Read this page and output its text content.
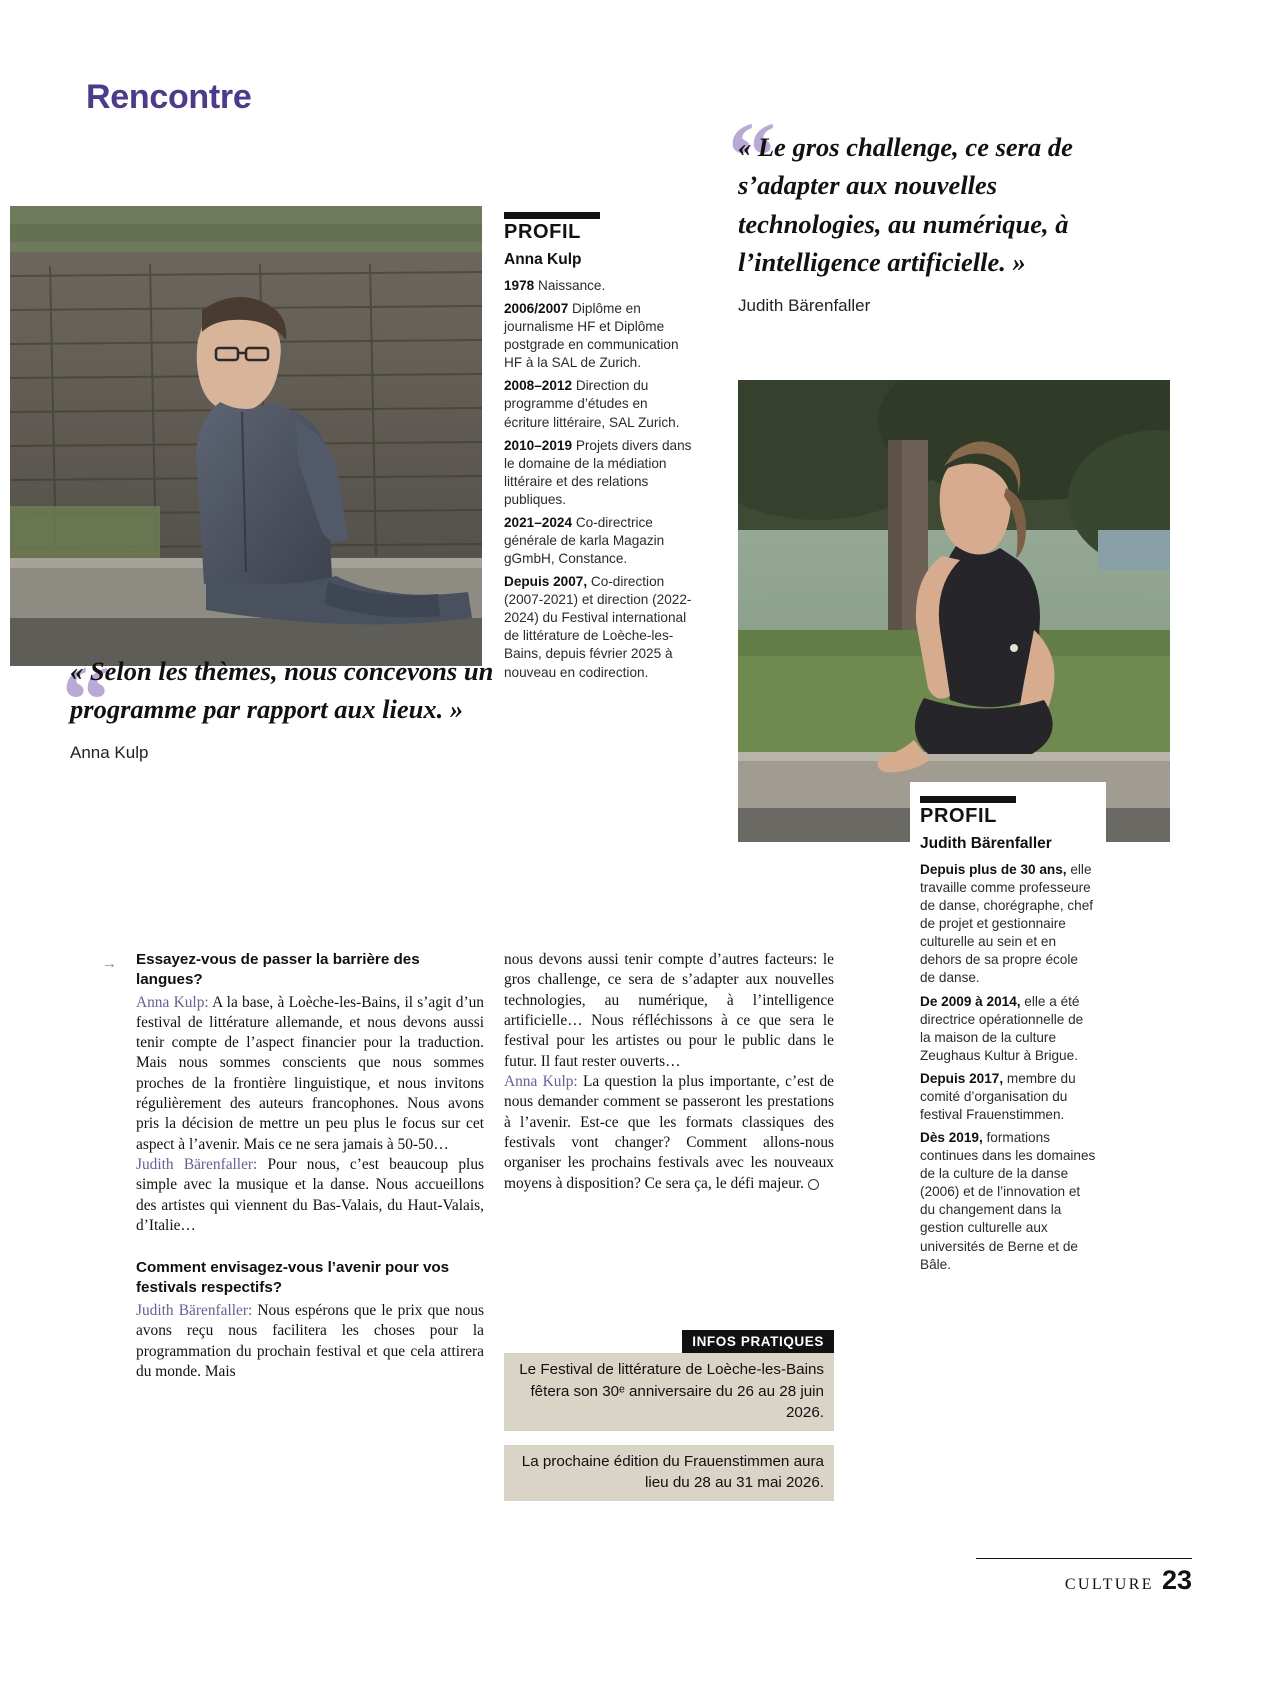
Rencontre
“
« Le gros challenge, ce sera de s’adapter aux nouvelles technologies, au numérique, à l’intelligence artificielle. »
Judith Bärenfaller
PROFIL
Anna Kulp
1978 Naissance.
2006/2007 Diplôme en journalisme HF et Diplôme postgrade en communication HF à la SAL de Zurich.
2008–2012 Direction du programme d’études en écriture littéraire, SAL Zurich.
2010–2019 Projets divers dans le domaine de la médiation littéraire et des relations publiques.
2021–2024 Co-directrice générale de karla Magazin gGmbH, Constance.
Depuis 2007, Co-direction (2007-2021) et direction (2022-2024) du Festival international de littérature de Loèche-les-Bains, depuis février 2025 à nouveau en codirection.
“
« Selon les thèmes, nous concevons un programme par rapport aux lieux. »
Anna Kulp
PROFIL
Judith Bärenfaller
Depuis plus de 30 ans, elle travaille comme professeure de danse, chorégraphe, chef de projet et gestionnaire culturelle au sein et en dehors de sa propre école de danse.
De 2009 à 2014, elle a été directrice opérationnelle de la maison de la culture Zeughaus Kultur à Brigue.
Depuis 2017, membre du comité d’organisation du festival Frauenstimmen.
Dès 2019, formations continues dans les domaines de la culture de la danse (2006) et de l’innovation et du changement dans la gestion culturelle aux universités de Berne et de Bâle.
→ Essayez-vous de passer la barrière des langues?

Anna Kulp: A la base, à Loèche-les-Bains, il s’agit d’un festival de littérature allemande, et nous devons aussi tenir compte de l’aspect financier pour la traduction. Mais nous sommes conscients que nous sommes proches de la frontière linguistique, et nous invitons régulièrement des auteurs francophones. Nous avons pris la décision de mettre un peu plus le focus sur cet aspect à l’avenir. Mais ce ne sera jamais à 50-50…

Judith Bärenfaller: Pour nous, c’est beaucoup plus simple avec la musique et la danse. Nous accueillons des artistes qui viennent du Bas-Valais, du Haut-Valais, d’Italie…

Comment envisagez-vous l’avenir pour vos festivals respectifs?

Judith Bärenfaller: Nous espérons que le prix que nous avons reçu nous facilitera les choses pour la programmation du prochain festival et que cela attirera du monde. Mais

nous devons aussi tenir compte d’autres facteurs: le gros challenge, ce sera de s’adapter aux nouvelles technologies, au numérique, à l’intelligence artificielle… Nous réfléchissons à ce que sera le festival pour les artistes ou pour le public dans le futur. Il faut rester ouverts…

Anna Kulp: La question la plus importante, c’est de nous demander comment se passeront les prestations à l’avenir. Est-ce que les formats classiques des festivals vont changer? Comment allons-nous organiser les prochains festivals avec les nouveaux moyens à disposition? Ce sera ça, le défi majeur.

INFOS PRATIQUES Le Festival de littérature de Loèche-les-Bains fêtera son 30ᵉ anniversaire du 26 au 28 juin 2026. La prochaine édition du Frauenstimmen aura lieu du 28 au 31 mai 2026.
CULTURE 23
